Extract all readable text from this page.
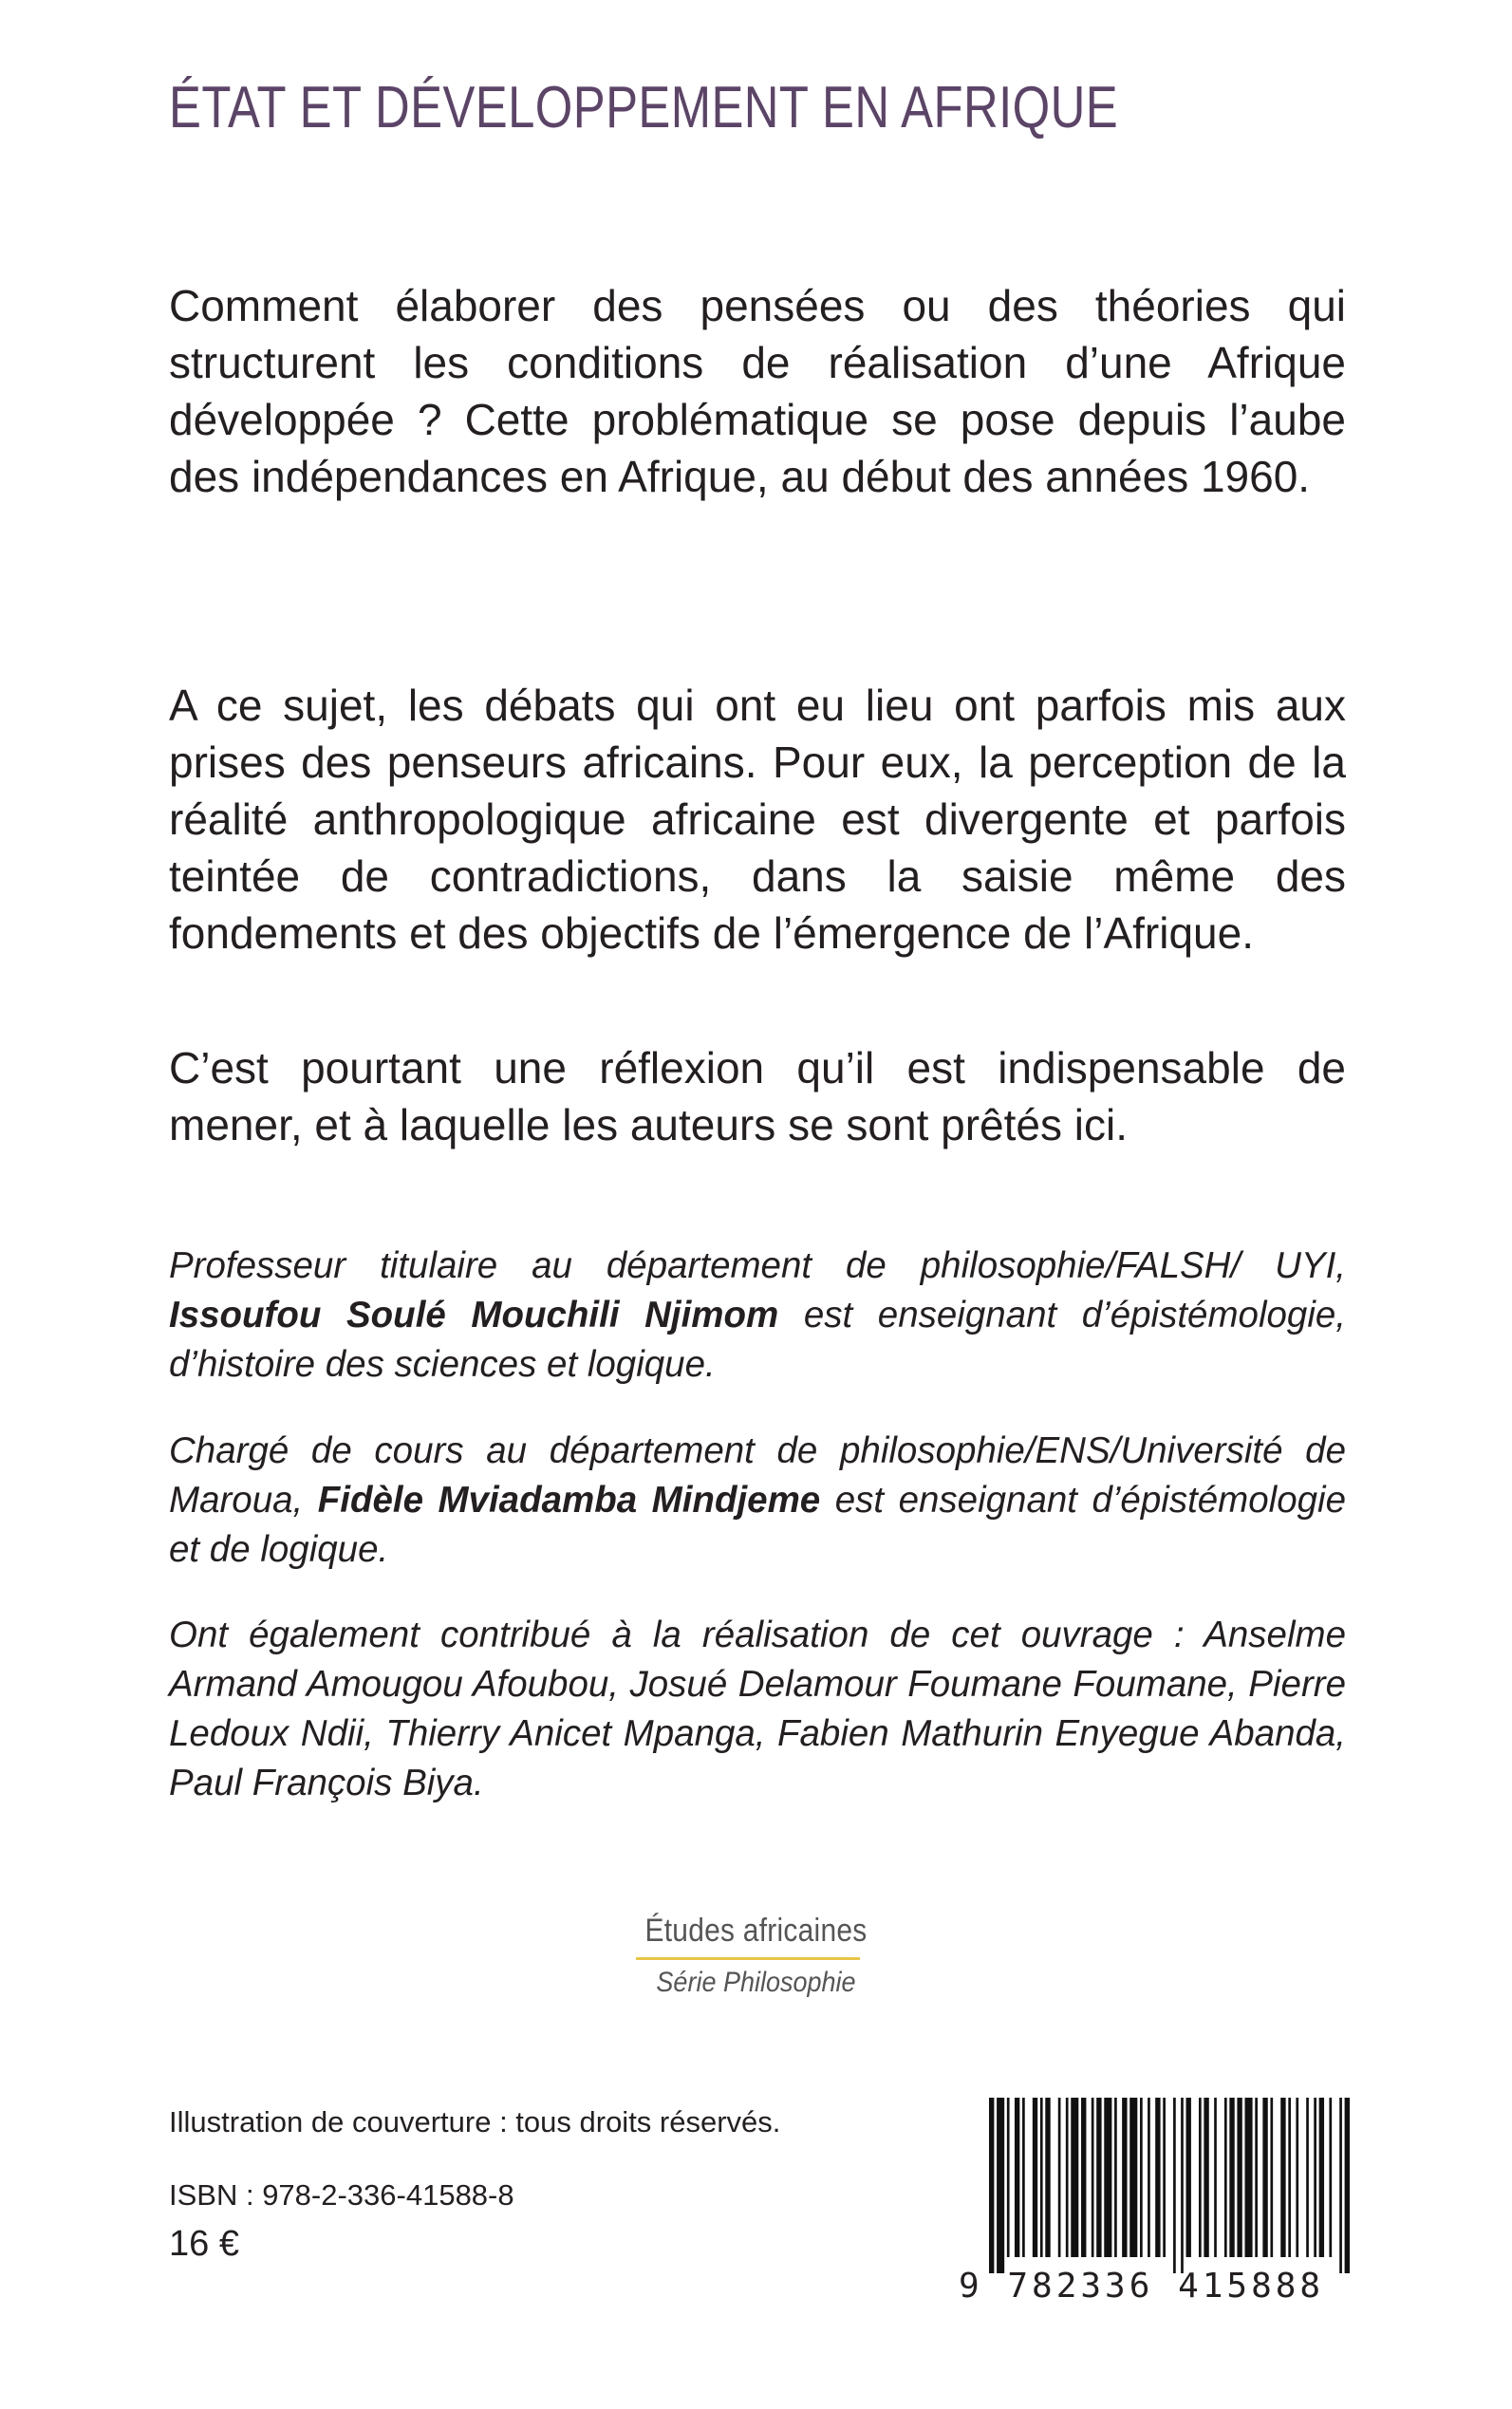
ÉTAT ET DÉVELOPPEMENT EN AFRIQUE

Comment élaborer des pensées ou des théories qui structurent les conditions de réalisation d’une Afrique développée ? Cette problématique se pose depuis l’aube des indépendances en Afrique, au début des années 1960.

A ce sujet, les débats qui ont eu lieu ont parfois mis aux prises des penseurs africains. Pour eux, la perception de la réalité anthropologique africaine est divergente et parfois teintée de contradictions, dans la saisie même des fondements et des objectifs de l’émergence de l’Afrique.

C’est pourtant une réflexion qu’il est indispensable de mener, et à laquelle les auteurs se sont prêtés ici.

Professeur titulaire au département de philosophie/FALSH/ UYI, Issoufou Soulé Mouchili Njimom est enseignant d’épistémologie, d’histoire des sciences et logique.

Chargé de cours au département de philosophie/ENS/Université de Maroua, Fidèle Mviadamba Mindjeme est enseignant d’épistémologie et de logique.

Ont également contribué à la réalisation de cet ouvrage : Anselme Armand Amougou Afoubou, Josué Delamour Foumane Foumane, Pierre Ledoux Ndii, Thierry Anicet Mpanga, Fabien Mathurin Enyegue Abanda, Paul François Biya.

Études africaines
Série Philosophie
Illustration de couverture : tous droits réservés.
ISBN : 978-2-336-41588-8
16 €
9 782336 415888
